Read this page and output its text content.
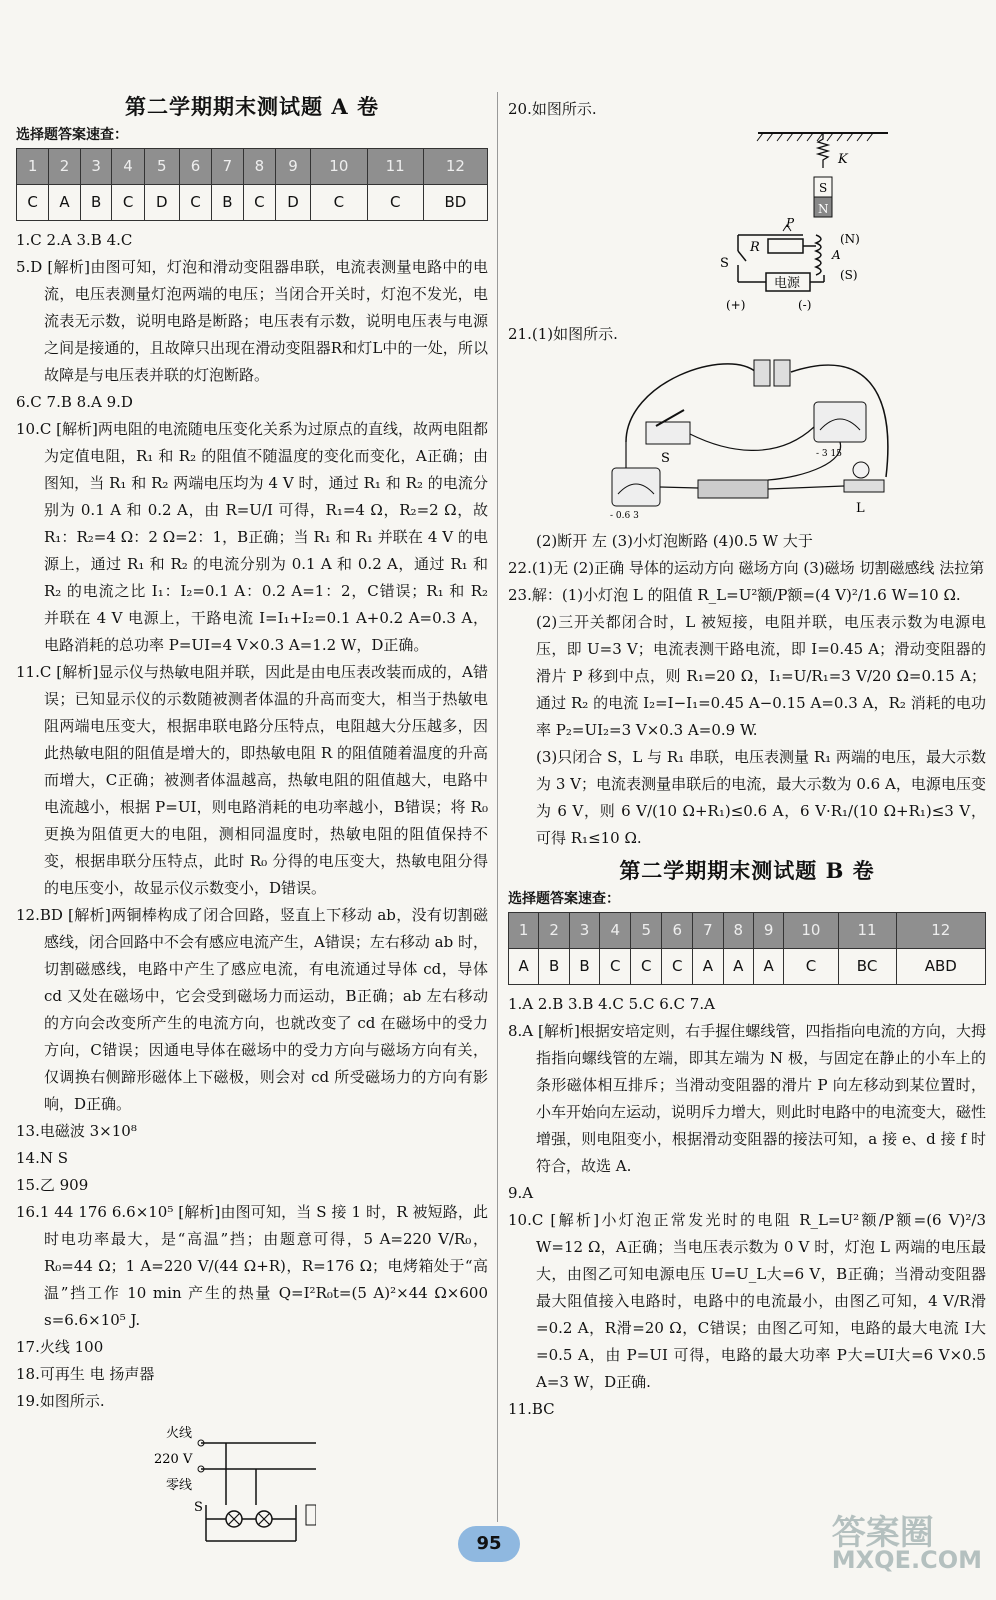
第二学期期末测试题 A 卷
选择题答案速查：
1	2	3	4	5	6	7	8	9	10	11	12
C	A	B	C	D	C	B	C	D	C	C	BD

1.C 2.A 3.B 4.C

5.D [解析]由图可知，灯泡和滑动变阻器串联，电流表测量电路中的电流，电压表测量灯泡两端的电压；当闭合开关时，灯泡不发光，电流表无示数，说明电路是断路；电压表有示数，说明电压表与电源之间是接通的，且故障只出现在滑动变阻器R和灯L中的一处，所以故障是与电压表并联的灯泡断路。

6.C 7.B 8.A 9.D

10.C [解析]两电阻的电流随电压变化关系为过原点的直线，故两电阻都为定值电阻，R₁ 和 R₂ 的阻值不随温度的变化而变化，A正确；由图知，当 R₁ 和 R₂ 两端电压均为 4 V 时，通过 R₁ 和 R₂ 的电流分别为 0.1 A 和 0.2 A，由 R=U/I 可得，R₁=4 Ω，R₂=2 Ω，故 R₁：R₂=4 Ω：2 Ω=2：1，B正确；当 R₁ 和 R₁ 并联在 4 V 的电源上，通过 R₁ 和 R₂ 的电流分别为 0.1 A 和 0.2 A，通过 R₁ 和 R₂ 的电流之比 I₁：I₂=0.1 A：0.2 A=1：2，C错误；R₁ 和 R₂ 并联在 4 V 电源上，干路电流 I=I₁+I₂=0.1 A+0.2 A=0.3 A，电路消耗的总功率 P=UI=4 V×0.3 A=1.2 W，D正确。

11.C [解析]显示仪与热敏电阻并联，因此是由电压表改装而成的，A错误；已知显示仪的示数随被测者体温的升高而变大，相当于热敏电阻两端电压变大，根据串联电路分压特点，电阻越大分压越多，因此热敏电阻的阻值是增大的，即热敏电阻 R 的阻值随着温度的升高而增大，C正确；被测者体温越高，热敏电阻的阻值越大，电路中电流越小，根据 P=UI，则电路消耗的电功率越小，B错误；将 R₀ 更换为阻值更大的电阻，测相同温度时，热敏电阻的阻值保持不变，根据串联分压特点，此时 R₀ 分得的电压变大，热敏电阻分得的电压变小，故显示仪示数变小，D错误。

12.BD [解析]两铜棒构成了闭合回路，竖直上下移动 ab，没有切割磁感线，闭合回路中不会有感应电流产生，A错误；左右移动 ab 时，切割磁感线，电路中产生了感应电流，有电流通过导体 cd，导体 cd 又处在磁场中，它会受到磁场力而运动，B正确；ab 左右移动的方向会改变所产生的电流方向，也就改变了 cd 在磁场中的受力方向，C错误；因通电导体在磁场中的受力方向与磁场方向有关，仅调换右侧蹄形磁体上下磁极，则会对 cd 所受磁场力的方向有影响，D正确。

13.电磁波 3×10⁸

14.N S

15.乙 909

16.1 44 176 6.6×10⁵ [解析]由图可知，当 S 接 1 时，R 被短路，此时电功率最大，是“高温”挡；由题意可得，5 A=220 V/R₀，R₀=44 Ω；1 A=220 V/(44 Ω+R)，R=176 Ω；电烤箱处于“高温”挡工作 10 min 产生的热量 Q=I²R₀t=(5 A)²×44 Ω×600 s=6.6×10⁵ J.

17.火线 100

18.可再生 电 扬声器

19.如图所示.

火线
220 V
零线
S

20.如图所示.

K
S
N
P
R
(N)
A
(S)
S
电源
(+)	(-)

21.(1)如图所示.

S	- 3 15
- 0.6 3	L

(2)断开 左 (3)小灯泡断路 (4)0.5 W 大于

22.(1)无 (2)正确 导体的运动方向 磁场方向 (3)磁场 切割磁感线 法拉第

23.解：(1)小灯泡 L 的阻值 R_L=U²额/P额=(4 V)²/1.6 W=10 Ω.

(2)三开关都闭合时，L 被短接，电阻并联，电压表示数为电源电压，即 U=3 V；电流表测干路电流，即 I=0.45 A；滑动变阻器的滑片 P 移到中点，则 R₁=20 Ω，I₁=U/R₁=3 V/20 Ω=0.15 A；通过 R₂ 的电流 I₂=I−I₁=0.45 A−0.15 A=0.3 A，R₂ 消耗的电功率 P₂=UI₂=3 V×0.3 A=0.9 W.

(3)只闭合 S，L 与 R₁ 串联，电压表测量 R₁ 两端的电压，最大示数为 3 V；电流表测量串联后的电流，最大示数为 0.6 A，电源电压变为 6 V，则 6 V/(10 Ω+R₁)≤0.6 A，6 V·R₁/(10 Ω+R₁)≤3 V，可得 R₁≤10 Ω.

第二学期期末测试题 B 卷
选择题答案速查：
1	2	3	4	5	6	7	8	9	10	11	12
A	B	B	C	C	C	A	A	A	C	BC	ABD

1.A 2.B 3.B 4.C 5.C 6.C 7.A

8.A [解析]根据安培定则，右手握住螺线管，四指指向电流的方向，大拇指指向螺线管的左端，即其左端为 N 极，与固定在静止的小车上的条形磁体相互排斥；当滑动变阻器的滑片 P 向左移动到某位置时，小车开始向左运动，说明斥力增大，则此时电路中的电流变大，磁性增强，则电阻变小，根据滑动变阻器的接法可知，a 接 e、d 接 f 时符合，故选 A.

9.A

10.C [解析]小灯泡正常发光时的电阻 R_L=U²额/P额=(6 V)²/3 W=12 Ω，A正确；当电压表示数为 0 V 时，灯泡 L 两端的电压最大，由图乙可知电源电压 U=U_L大=6 V，B正确；当滑动变阻器最大阻值接入电路时，电路中的电流最小，由图乙可知，4 V/R滑=0.2 A，R滑=20 Ω，C错误；由图乙可知，电路的最大电流 I大=0.5 A，由 P=UI 可得，电路的最大功率 P大=UI大=6 V×0.5 A=3 W，D正确.

11.BC

95	答案圈
MXQE.COM
